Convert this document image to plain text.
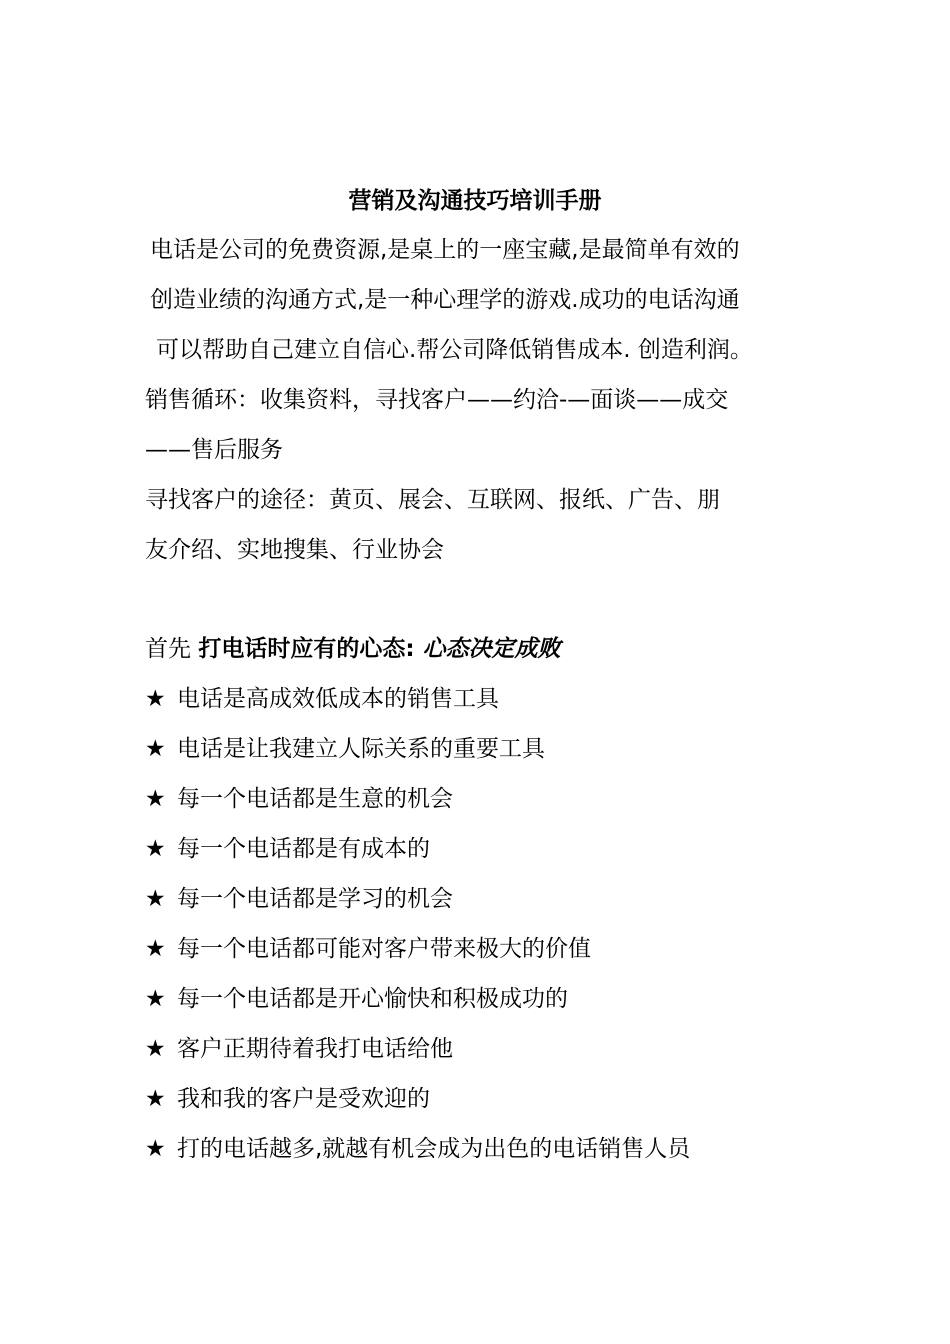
营销及沟通技巧培训手册
电话是公司的免费资源,是桌上的一座宝藏,是最简单有效的
创造业绩的沟通方式,是一种心理学的游戏.成功的电话沟通
可以帮助自己建立自信心.帮公司降低销售成本. 创造利润。
销售循环：收集资料，寻找客户——约洽-—面谈——成交
——售后服务
寻找客户的途径：黄页、展会、互联网、报纸、广告、朋
友介绍、实地搜集、行业协会
首先 打电话时应有的心态: 心态决定成败
★ 电话是高成效低成本的销售工具
★ 电话是让我建立人际关系的重要工具
★ 每一个电话都是生意的机会
★ 每一个电话都是有成本的
★ 每一个电话都是学习的机会
★ 每一个电话都可能对客户带来极大的价值
★ 每一个电话都是开心愉快和积极成功的
★ 客户正期待着我打电话给他
★ 我和我的客户是受欢迎的
★ 打的电话越多,就越有机会成为出色的电话销售人员
